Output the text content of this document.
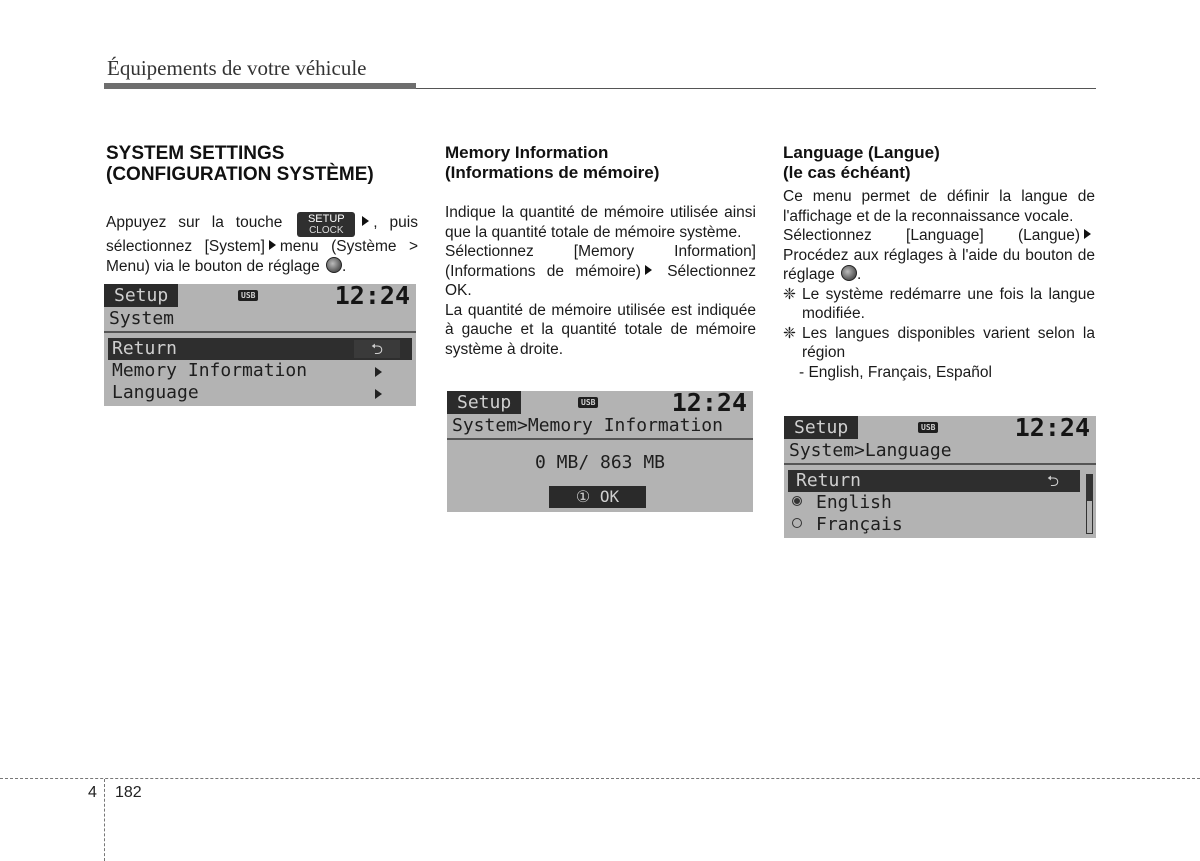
Équipements de votre véhicule
SYSTEM SETTINGS
(CONFIGURATION SYSTÈME)

Appuyez sur la touche	SETUP
CLOCK	, puis sélectionnez [System] menu (Système > Menu) via le bouton de réglage .

Setup	USB	12:24
System
Return	⮌
Memory Information
Language
Memory Information
(Informations de mémoire)

Indique la quantité de mémoire utilisée ainsi que la quantité totale de mémoire système.

Sélectionnez [Memory Information] (Informations de mémoire) Sélectionnez OK.

La quantité de mémoire utilisée est indiquée à gauche et la quantité totale de mémoire système à droite.

Setup	USB	12:24
System>Memory Information
0 MB/ 863 MB
① OK
Language (Langue)
(le cas échéant)

Ce menu permet de définir la langue de l'affichage et de la reconnaissance vocale.

Sélectionnez [Language] (Langue) Procédez aux réglages à l'aide du bouton de réglage .

❈ Le système redémarre une fois la langue modifiée.

❈ Les langues disponibles varient selon la région

- English, Français, Español

Setup	USB	12:24
System>Language
Return	⮌
English
Français
4 182
